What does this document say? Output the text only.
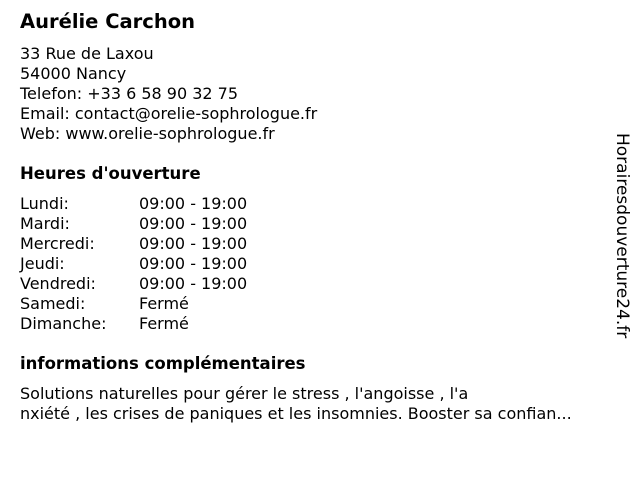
Aurélie Carchon
33 Rue de Laxou
54000 Nancy
Telefon: +33 6 58 90 32 75
Email: contact@orelie-sophrologue.fr
Web: www.orelie-sophrologue.fr
Heures d'ouverture
Lundi:	09:00 - 19:00
Mardi:	09:00 - 19:00
Mercredi:	09:00 - 19:00
Jeudi:	09:00 - 19:00
Vendredi:	09:00 - 19:00
Samedi:	Fermé
Dimanche: Fermé
informations complémentaires
Solutions naturelles pour gérer le stress , l'angoisse , l'a
nxiété , les crises de paniques et les insomnies. Booster sa confian...
Horairesdouverture24.fr
